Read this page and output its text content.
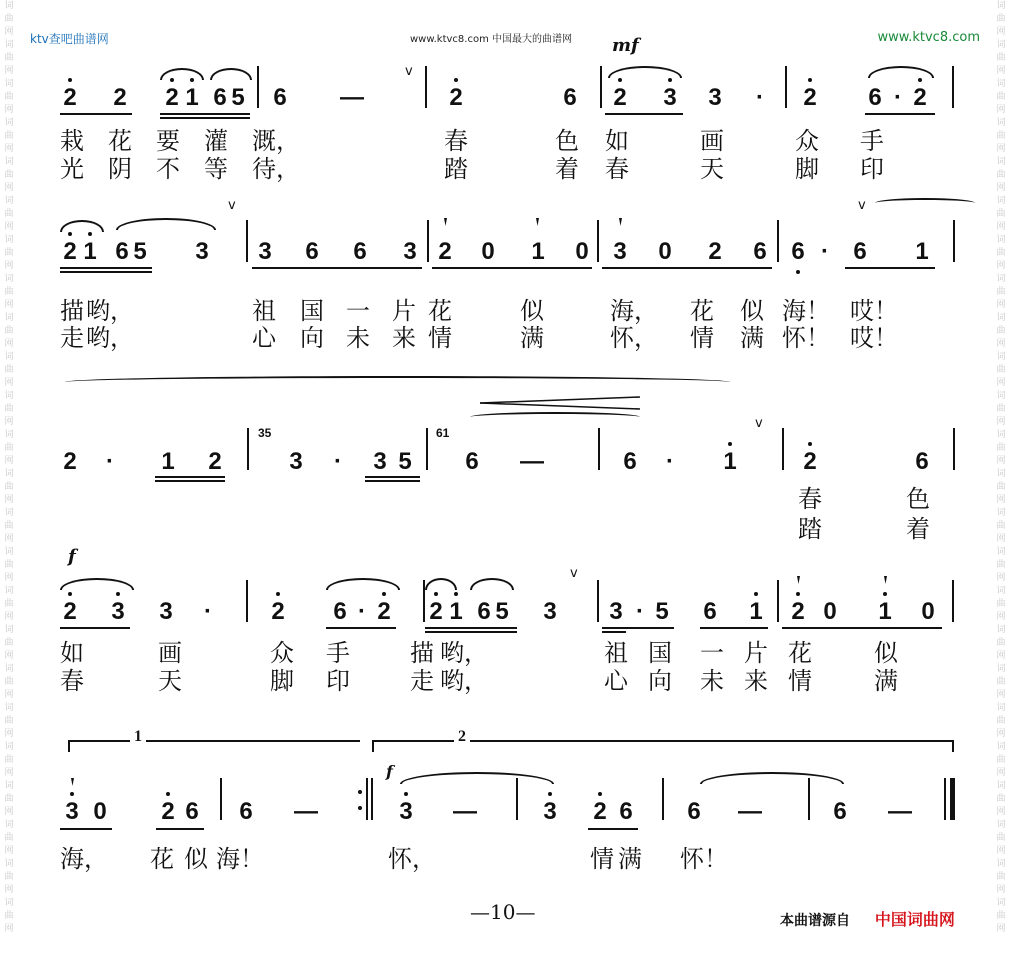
词
曲
网
词
曲
网
词
曲
网
词
曲
网
词
曲
网
词
曲
网
词
曲
网
词
曲
网
词
曲
网
词
曲
网
词
曲
网
词
曲
网
词
曲
网
词
曲
网
词
曲
网
词
曲
网
词
曲
网
词
曲
网
词
曲
网
词
曲
网
词
曲
网
词
曲
网
词
曲
网
词
曲
网
词
曲
网
词
曲
网
词
曲
网
词
曲
网
词
曲
网
词
曲
网
词
曲
网
词
曲
网
词
曲
网
词
曲
网
词
曲
网
词
曲
网
词
曲
网
词
曲
网
词
曲
网
词
曲
网
词
曲
网
词
曲
网
词
曲
网
词
曲
网
词
曲
网
词
曲
网
词
曲
网
词
曲
网
ktv查吧曲谱网	www.ktvc8.com 中国最大的曲谱网	www.ktvc8.com
mf
f
f
2 2 2 1 6 5 6 —	2	6 2 3 3 · 2 6 · 2
v
栽 花 要 灌 溉，	春	色 如	画	众 手
光 阴 不 等 待，	踏	着 春	天	脚 印
2 1 6 5 3 3 6 6 3 2 0 1 0 3 0 2 6 6 · 6 1
v	v
描 哟，	祖 国 一 片 花	似	海， 花 似 海！ 哎！
走 哟，	心 向 未 来 情	满	怀， 情 满 怀！ 哎！
2 · 1 2	3 · 3 5 6 —	6 · 1	2	6
35	61
v
春	色
踏	着
2 3 3 · 2 6 · 2 2 1 6 5 3 3 · 5 6 1 2 0 1 0
v
如	画	众 手	描 哟，	祖 国 一 片 花	似
春	天	脚 印	走 哟，	心 向 未 来 情	满
1	2
3 0 2 6 6 —	3 —	3 2 6 6 —	6 —
海， 花 似 海！	怀，	情 满 怀！
—10—	本曲谱源自 中国词曲网
